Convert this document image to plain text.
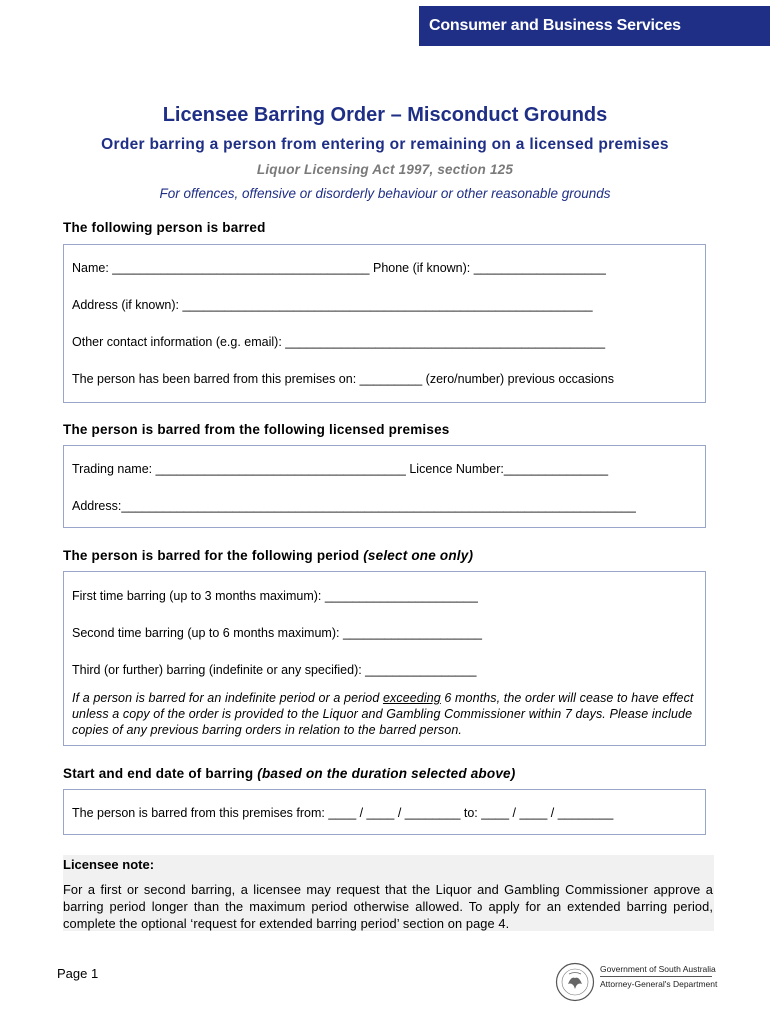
Consumer and Business Services
Licensee Barring Order – Misconduct Grounds
Order barring a person from entering or remaining on a licensed premises
Liquor Licensing Act 1997, section 125
For offences, offensive or disorderly behaviour or other reasonable grounds
The following person is barred
Name: _____________________________________ Phone (if known): ___________________
Address (if known): ___________________________________________________________
Other contact information (e.g. email): ______________________________________________
The person has been barred from this premises on: _________ (zero/number) previous occasions
The person is barred from the following licensed premises
Trading name: ____________________________________ Licence Number:_______________
Address:__________________________________________________________________________
The person is barred for the following period (select one only)
First time barring (up to 3 months maximum): ______________________
Second time barring (up to 6 months maximum): ____________________
Third (or further) barring (indefinite or any specified): ________________
If a person is barred for an indefinite period or a period exceeding 6 months, the order will cease to have effect unless a copy of the order is provided to the Liquor and Gambling Commissioner within 7 days. Please include copies of any previous barring orders in relation to the barred person.
Start and end date of barring (based on the duration selected above)
The person is barred from this premises from: ____ / ____ / ________ to: ____ / ____ / ________
Licensee note:
For a first or second barring, a licensee may request that the Liquor and Gambling Commissioner approve a barring period longer than the maximum period otherwise allowed. To apply for an extended barring period, complete the optional ‘request for extended barring period’ section on page 4.
Page 1	Government of South Australia
Attorney-General's Department
